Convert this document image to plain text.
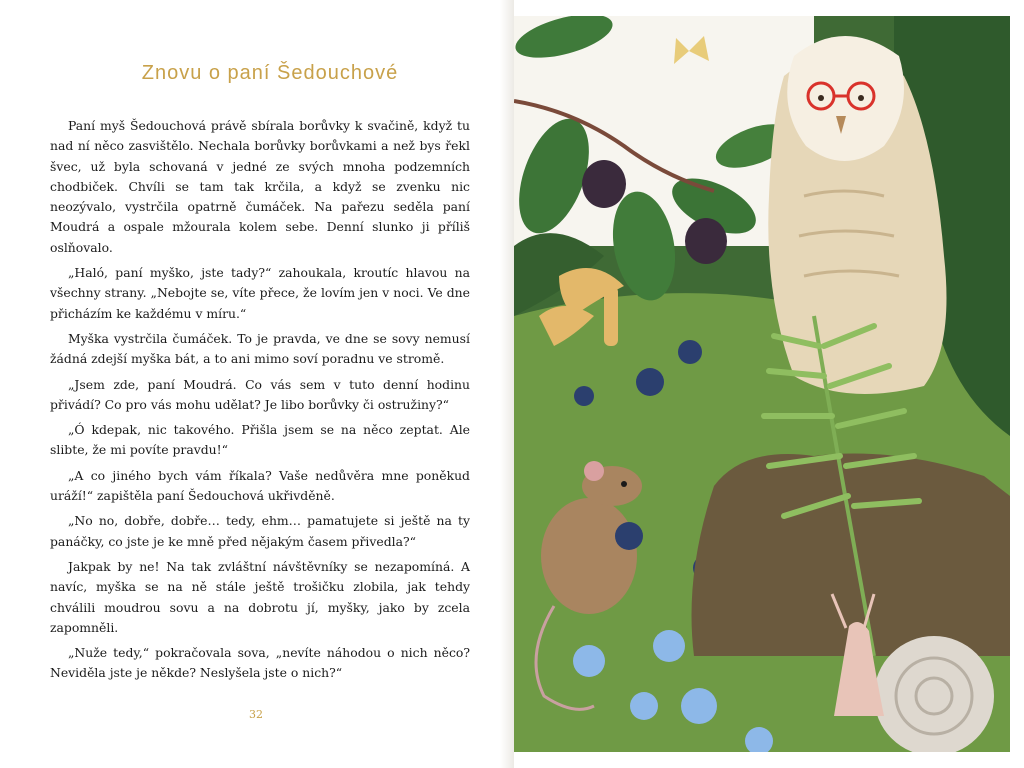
Znovu o paní Šedouchové

Paní myš Šedouchová právě sbírala borůvky k svačině, když tu nad ní něco zasvištělo. Nechala borůvky borůvkami a než bys řekl švec, už byla schovaná v jedné ze svých mnoha podzemních chodbiček. Chvíli se tam tak krčila, a když se zvenku nic neozývalo, vystrčila opatrně čumáček. Na pařezu seděla paní Moudrá a ospale mžourala kolem sebe. Denní slunko ji příliš oslňovalo.

„Haló, paní myško, jste tady?“ zahoukala, kroutíc hlavou na všechny strany. „Nebojte se, víte přece, že lovím jen v noci. Ve dne přicházím ke každému v míru.“

Myška vystrčila čumáček. To je pravda, ve dne se sovy nemusí žádná zdejší myška bát, a to ani mimo soví poradnu ve stromě.

„Jsem zde, paní Moudrá. Co vás sem v tuto denní hodinu přivádí? Co pro vás mohu udělat? Je libo borůvky či ostružiny?“

„Ó kdepak, nic takového. Přišla jsem se na něco zeptat. Ale slibte, že mi povíte pravdu!“

„A co jiného bych vám říkala? Vaše nedůvěra mne poněkud uráží!“ zapištěla paní Šedouchová ukřivděně.

„No no, dobře, dobře… tedy, ehm… pamatujete si ještě na ty panáčky, co jste je ke mně před nějakým časem přivedla?“

Jakpak by ne! Na tak zvláštní návštěvníky se nezapomíná. A navíc, myška se na ně stále ještě trošičku zlobila, jak tehdy chválili moudrou sovu a na dobrotu jí, myšky, jako by zcela zapomněli.

„Nuže tedy,“ pokračovala sova, „nevíte náhodou o nich něco? Neviděla jste je někde? Neslyšela jste o nich?“

32
